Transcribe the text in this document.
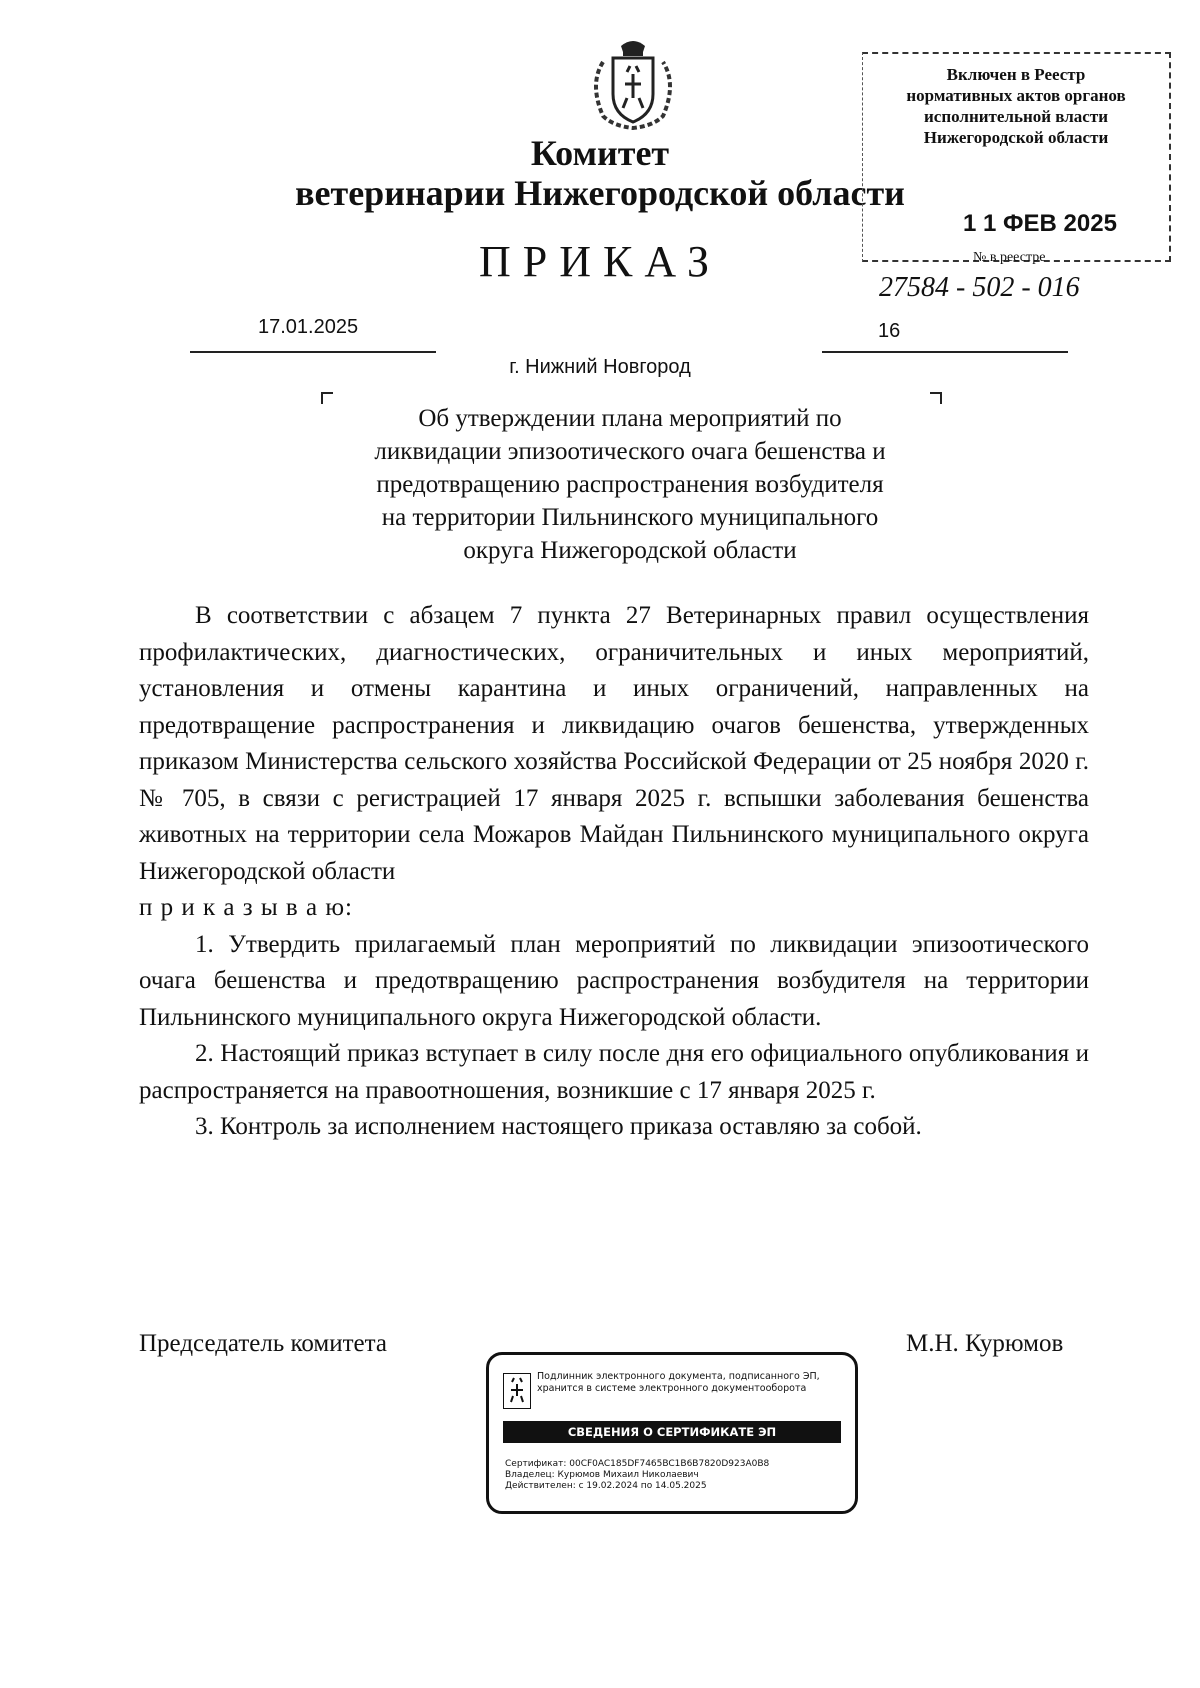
Комитет
ветеринарии Нижегородской области
ПРИКАЗ
Включен в Реестр
нормативных актов органов
исполнительной власти
Нижегородской области
1 1 ФЕВ 2025
№ в реестре
27584 - 502 - 016
17.01.2025	16
г. Нижний Новгород
Об утверждении плана мероприятий по
ликвидации эпизоотического очага бешенства и
предотвращению распространения возбудителя
на территории Пильнинского муниципального
округа Нижегородской области

В соответствии с абзацем 7 пункта 27 Ветеринарных правил осуществления профилактических, диагностических, ограничительных и иных мероприятий, установления и отмены карантина и иных ограничений, направленных на предотвращение распространения и ликвидацию очагов бешенства, утвержденных приказом Министерства сельского хозяйства Российской Федерации от 25 ноября 2020 г. № 705, в связи с регистрацией 17 января 2025 г. вспышки заболевания бешенства животных на территории села Можаров Майдан Пильнинского муниципального округа Нижегородской области

п р и к а з ы в а ю:

1. Утвердить прилагаемый план мероприятий по ликвидации эпизоотического очага бешенства и предотвращению распространения возбудителя на территории Пильнинского муниципального округа Нижегородской области.

2. Настоящий приказ вступает в силу после дня его официального опубликования и распространяется на правоотношения, возникшие с 17 января 2025 г.

3. Контроль за исполнением настоящего приказа оставляю за собой.

Председатель комитета	М.Н. Курюмов
Подлинник электронного документа, подписанного ЭП, хранится в системе электронного документооборота
СВЕДЕНИЯ О СЕРТИФИКАТЕ ЭП
Сертификат: 00CF0AC185DF7465BC1B6B7820D923A0B8
Владелец: Курюмов Михаил Николаевич
Действителен: с 19.02.2024 по 14.05.2025
